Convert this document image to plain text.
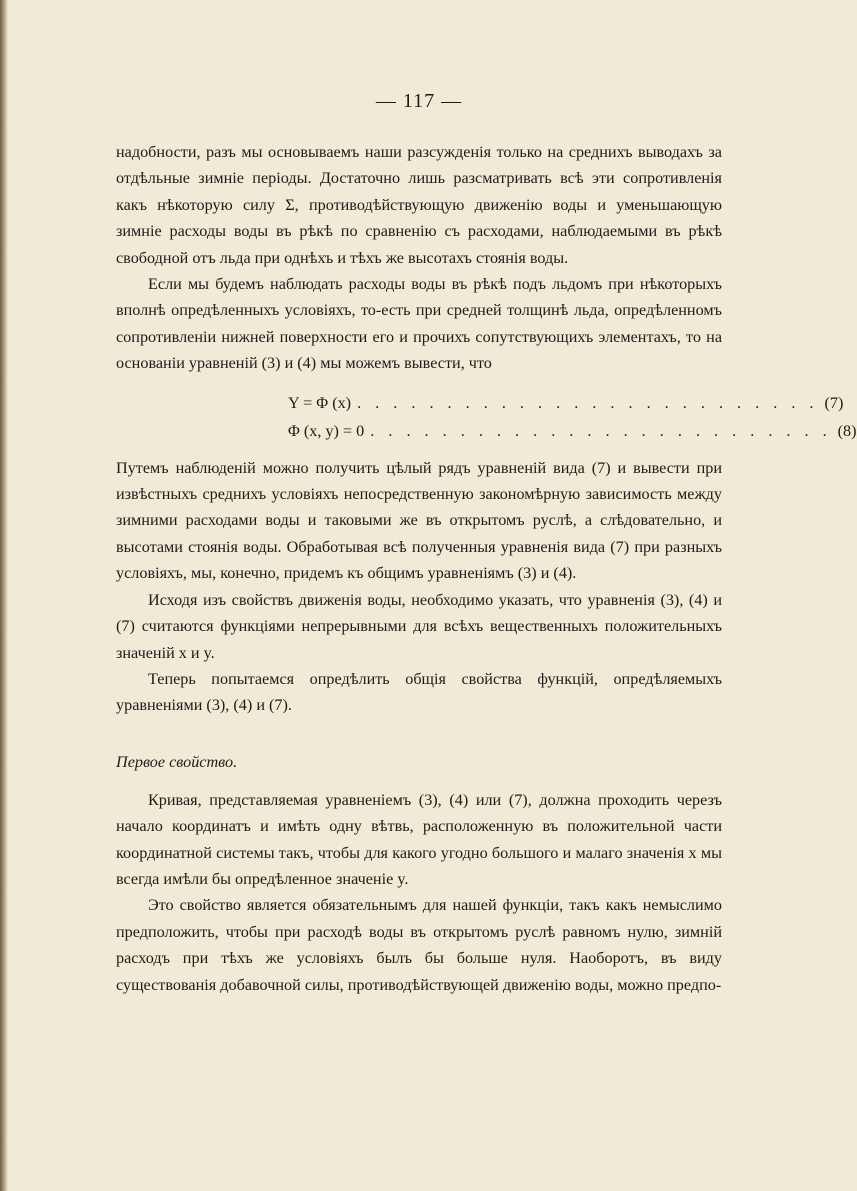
— 117 —

надобности, разъ мы основываемъ наши разсужденія только на среднихъ выводахъ за отдѣльные зимніе періоды. Достаточно лишь разсматривать всѣ эти сопротивленія какъ нѣкоторую силу Σ, противодѣйствующую движенію воды и уменьшающую зимніе расходы воды въ рѣкѣ по сравненію съ расходами, наблюдаемыми въ рѣкѣ свободной отъ льда при однѣхъ и тѣхъ же высотахъ стоянія воды.

Если мы будемъ наблюдать расходы воды въ рѣкѣ подъ льдомъ при нѣкоторыхъ вполнѣ опредѣленныхъ условіяхъ, то-есть при средней толщинѣ льда, опредѣленномъ сопротивленіи нижней поверхности его и прочихъ сопутствующихъ элементахъ, то на основаніи уравненій (3) и (4) мы можемъ вывести, что

Y = Φ (x) . . . . . . . . . . . . . . . . . . . . . . . . . . (7)
Φ (x, y) = 0 . . . . . . . . . . . . . . . . . . . . . . . . . . (8)

Путемъ наблюденій можно получить цѣлый рядъ уравненій вида (7) и вывести при извѣстныхъ среднихъ условіяхъ непосредственную закономѣрную зависимость между зимними расходами воды и таковыми же въ открытомъ руслѣ, а слѣдовательно, и высотами стоянія воды. Обработывая всѣ полученныя уравненія вида (7) при разныхъ условіяхъ, мы, конечно, придемъ къ общимъ уравненіямъ (3) и (4).

Исходя изъ свойствъ движенія воды, необходимо указать, что уравненія (3), (4) и (7) считаются функціями непрерывными для всѣхъ вещественныхъ положительныхъ значеній x и y.

Теперь попытаемся опредѣлить общія свойства функцій, опредѣляемыхъ уравненіями (3), (4) и (7).

Первое свойство.

Кривая, представляемая уравненіемъ (3), (4) или (7), должна проходить черезъ начало координатъ и имѣть одну вѣтвь, расположенную въ положительной части координатной системы такъ, чтобы для какого угодно большого и малаго значенія x мы всегда имѣли бы опредѣленное значеніе y.

Это свойство является обязательнымъ для нашей функціи, такъ какъ немыслимо предположить, чтобы при расходѣ воды въ открытомъ руслѣ равномъ нулю, зимній расходъ при тѣхъ же условіяхъ былъ бы больше нуля. Наоборотъ, въ виду существованія добавочной силы, противодѣйствующей движенію воды, можно предпо-
